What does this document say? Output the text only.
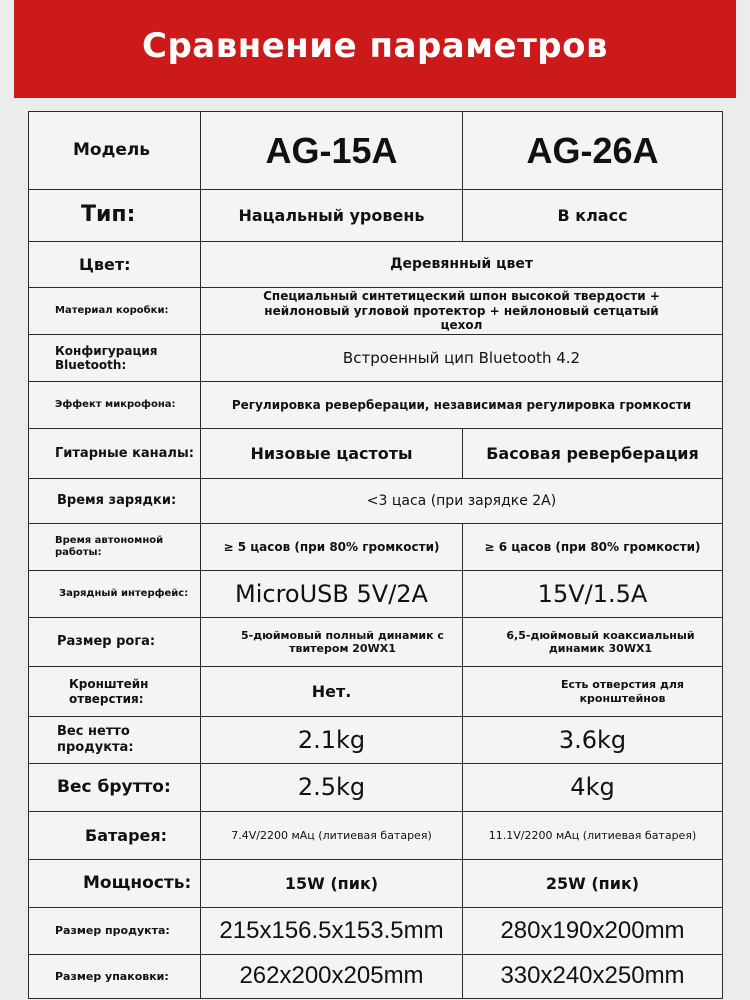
Сравнение параметров
Модель	AG-15A	AG-26A
Тип:	Нацальный уровень	В класс
Цвет:	Деревянный цвет	
Материал коробки:	Специальный синтетицеский шпон высокой твердости + нейлоновый угловой протектор + нейлоновый сетцатый цехол	
Конфигурация Bluetooth:	Встроенный цип Bluetooth 4.2	
Эффект микрофона:	Регулировка реверберации, независимая регулировка громкости	
Гитарные каналы:	Низовые цастоты	Басовая реверберация
Время зарядки:	<3 цаса (при зарядке 2А)	
Время автономной работы:	≥ 5 цасов (при 80% громкости)	≥ 6 цасов (при 80% громкости)
Зарядный интерфейс:	MicroUSB 5V/2A	15V/1.5A
Размер рога:	5-дюймовый полный динамик с твитером 20WX1	6,5-дюймовый коаксиальный динамик 30WX1
Кронштейн отверстия:	Нет.	Есть отверстия для кронштейнов
Вес нетто продукта:	2.1kg	3.6kg
Вес брутто:	2.5kg	4kg
Батарея:	7.4V/2200 мАц (литиевая батарея)	11.1V/2200 мАц (литиевая батарея)
Мощность:	15W (пик)	25W (пик)
Размер продукта:	215x156.5x153.5mm	280x190x200mm
Размер упаковки:	262x200x205mm	330x240x250mm
